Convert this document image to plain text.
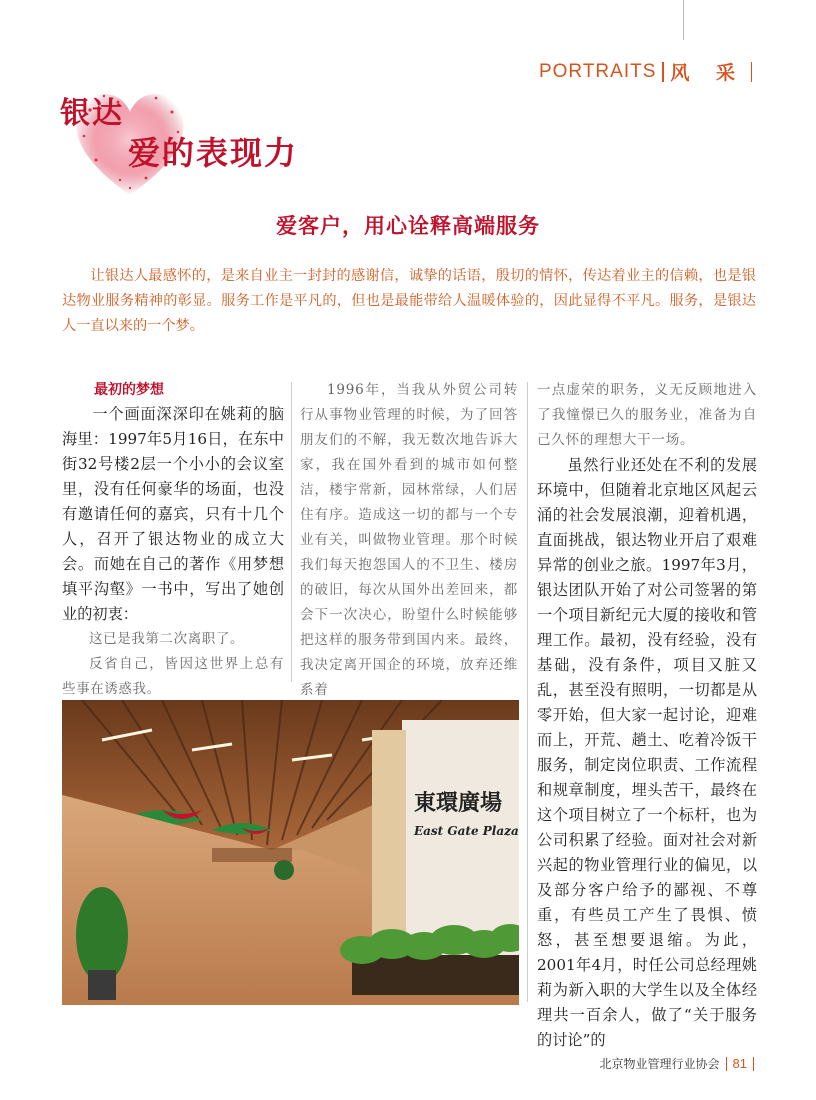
PORTRAITS 风 采
银达
爱的表现力
爱客户，用心诠释高端服务

让银达人最感怀的，是来自业主一封封的感谢信，诚挚的话语，殷切的情怀，传达着业主的信赖，也是银达物业服务精神的彰显。服务工作是平凡的，但也是最能带给人温暖体验的，因此显得不平凡。服务，是银达人一直以来的一个梦。

最初的梦想

一个画面深深印在姚莉的脑海里：1997年5月16日，在东中街32号楼2层一个小小的会议室里，没有任何豪华的场面，也没有邀请任何的嘉宾，只有十几个人，召开了银达物业的成立大会。而她在自己的著作《用梦想填平沟壑》一书中，写出了她创业的初衷：

这已是我第二次离职了。

反省自己，皆因这世界上总有些事在诱惑我。

1996年，当我从外贸公司转行从事物业管理的时候，为了回答朋友们的不解，我无数次地告诉大家，我在国外看到的城市如何整洁，楼宇常新，园林常绿，人们居住有序。造成这一切的都与一个专业有关，叫做物业管理。那个时候我们每天抱怨国人的不卫生、楼房的破旧，每次从国外出差回来，都会下一次决心，盼望什么时候能够把这样的服务带到国内来。最终，我决定离开国企的环境，放弃还维系着

一点虚荣的职务，义无反顾地进入了我憧憬已久的服务业，准备为自己久怀的理想大干一场。

虽然行业还处在不利的发展环境中，但随着北京地区风起云涌的社会发展浪潮，迎着机遇，直面挑战，银达物业开启了艰难异常的创业之旅。1997年3月，银达团队开始了对公司签署的第一个项目新纪元大厦的接收和管理工作。最初，没有经验，没有基础，没有条件，项目又脏又乱，甚至没有照明，一切都是从零开始，但大家一起讨论，迎难而上，开荒、趟土、吃着冷饭干服务，制定岗位职责、工作流程和规章制度，埋头苦干，最终在这个项目树立了一个标杆，也为公司积累了经验。面对社会对新兴起的物业管理行业的偏见，以及部分客户给予的鄙视、不尊重，有些员工产生了畏惧、愤怒，甚至想要退缩。为此，2001年4月，时任公司总经理姚莉为新入职的大学生以及全体经理共一百余人，做了“关于服务的讨论”的

東環廣場
East Gate Plaza
北京物业管理行业协会 81
